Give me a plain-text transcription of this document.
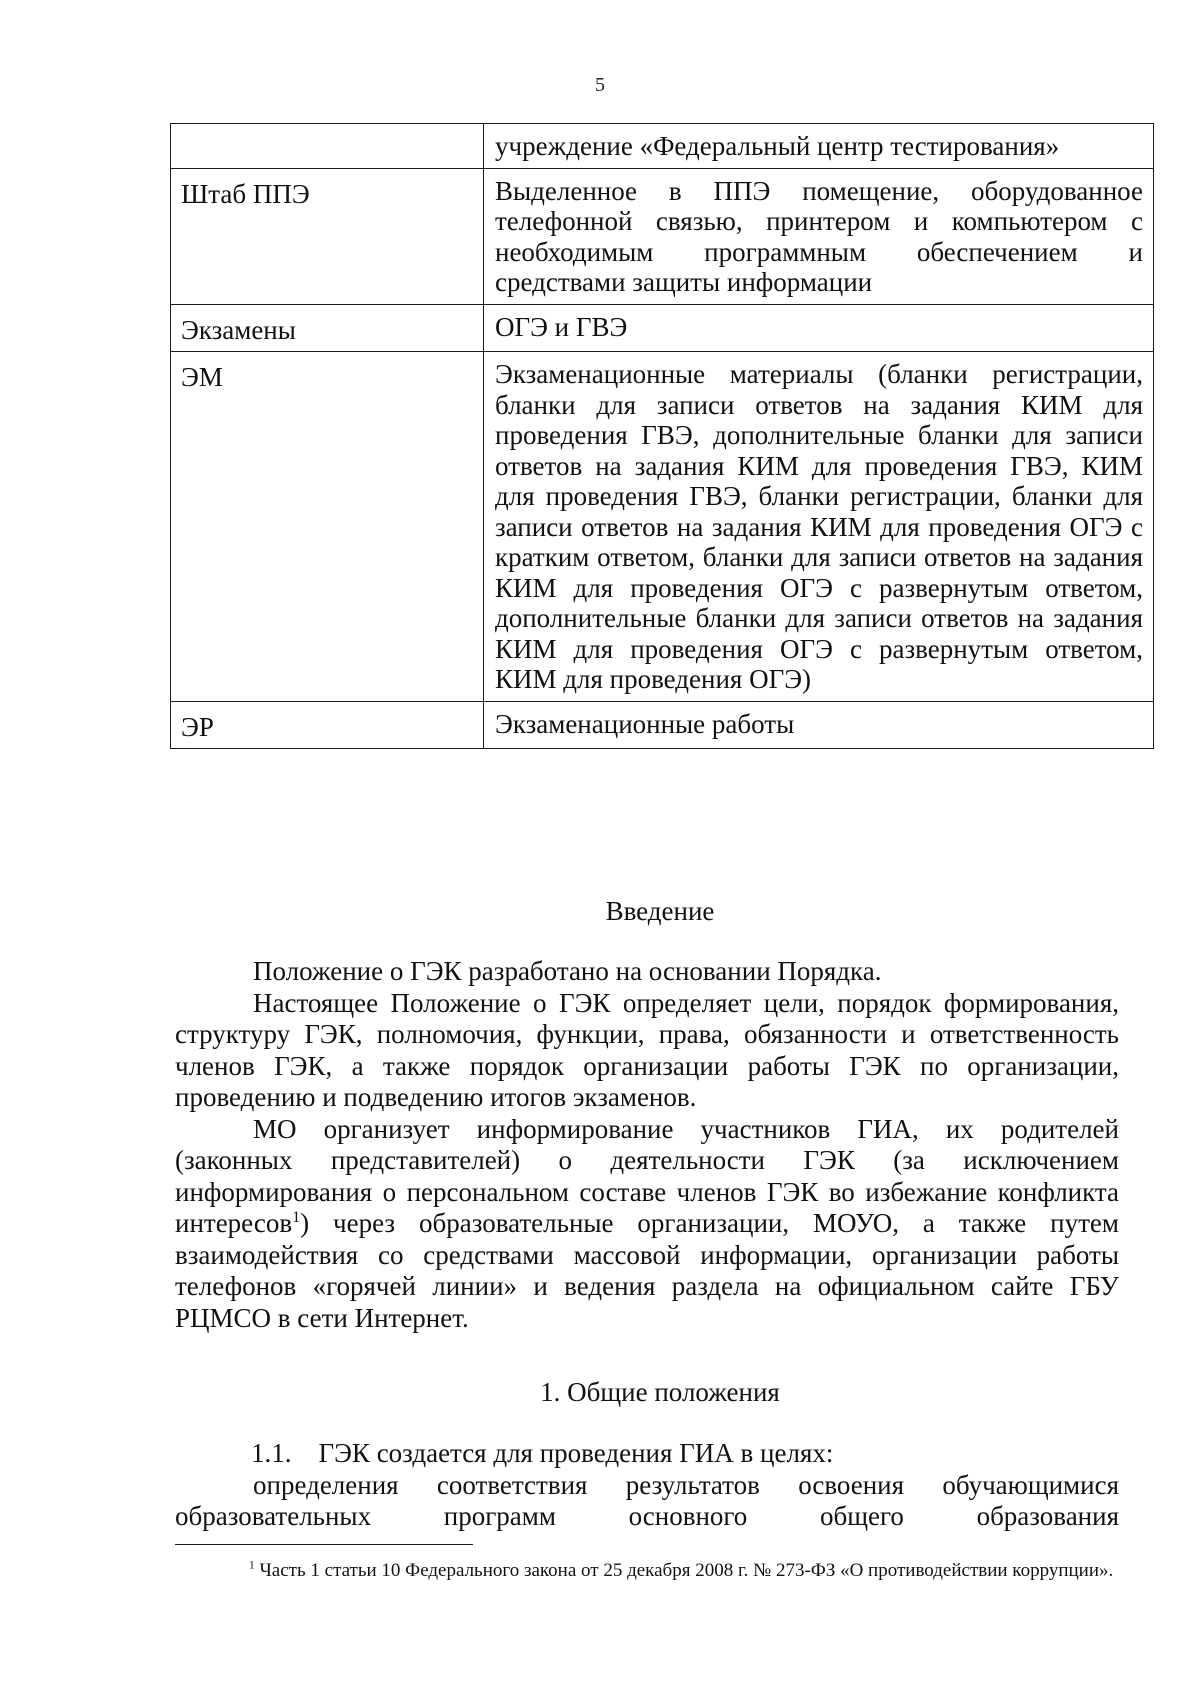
5
	учреждение «Федеральный центр тестирования»
Штаб ППЭ	Выделенное в ППЭ помещение, оборудованное телефонной связью, принтером и компьютером с необходимым программным обеспечением и средствами защиты информации
Экзамены	ОГЭ и ГВЭ
ЭМ	Экзаменационные материалы (бланки регистрации, бланки для записи ответов на задания КИМ для проведения ГВЭ, дополнительные бланки для записи ответов на задания КИМ для проведения ГВЭ, КИМ для проведения ГВЭ, бланки регистрации, бланки для записи ответов на задания КИМ для проведения ОГЭ с кратким ответом, бланки для записи ответов на задания КИМ для проведения ОГЭ с развернутым ответом, дополнительные бланки для записи ответов на задания КИМ для проведения ОГЭ с развернутым ответом, КИМ для проведения ОГЭ)
ЭР	Экзаменационные работы
Введение

Положение о ГЭК разработано на основании Порядка.

Настоящее Положение о ГЭК определяет цели, порядок формирования, структуру ГЭК, полномочия, функции, права, обязанности и ответственность членов ГЭК, а также порядок организации работы ГЭК по организации, проведению и подведению итогов экзаменов.

МО организует информирование участников ГИА, их родителей (законных представителей) о деятельности ГЭК (за исключением информирования о персональном составе членов ГЭК во избежание конфликта интересов$^1$) через образовательные организации, МОУО, а также путем взаимодействия со средствами массовой информации, организации работы телефонов «горячей линии» и ведения раздела на официальном сайте ГБУ РЦМСО в сети Интернет.

1. Общие положения

1.1. ГЭК создается для проведения ГИА в целях:

определения соответствия результатов освоения обучающимися образовательных программ основного общего образования

$^1$ Часть 1 статьи 10 Федерального закона от 25 декабря 2008 г. № 273-ФЗ «О противодействии коррупции».
